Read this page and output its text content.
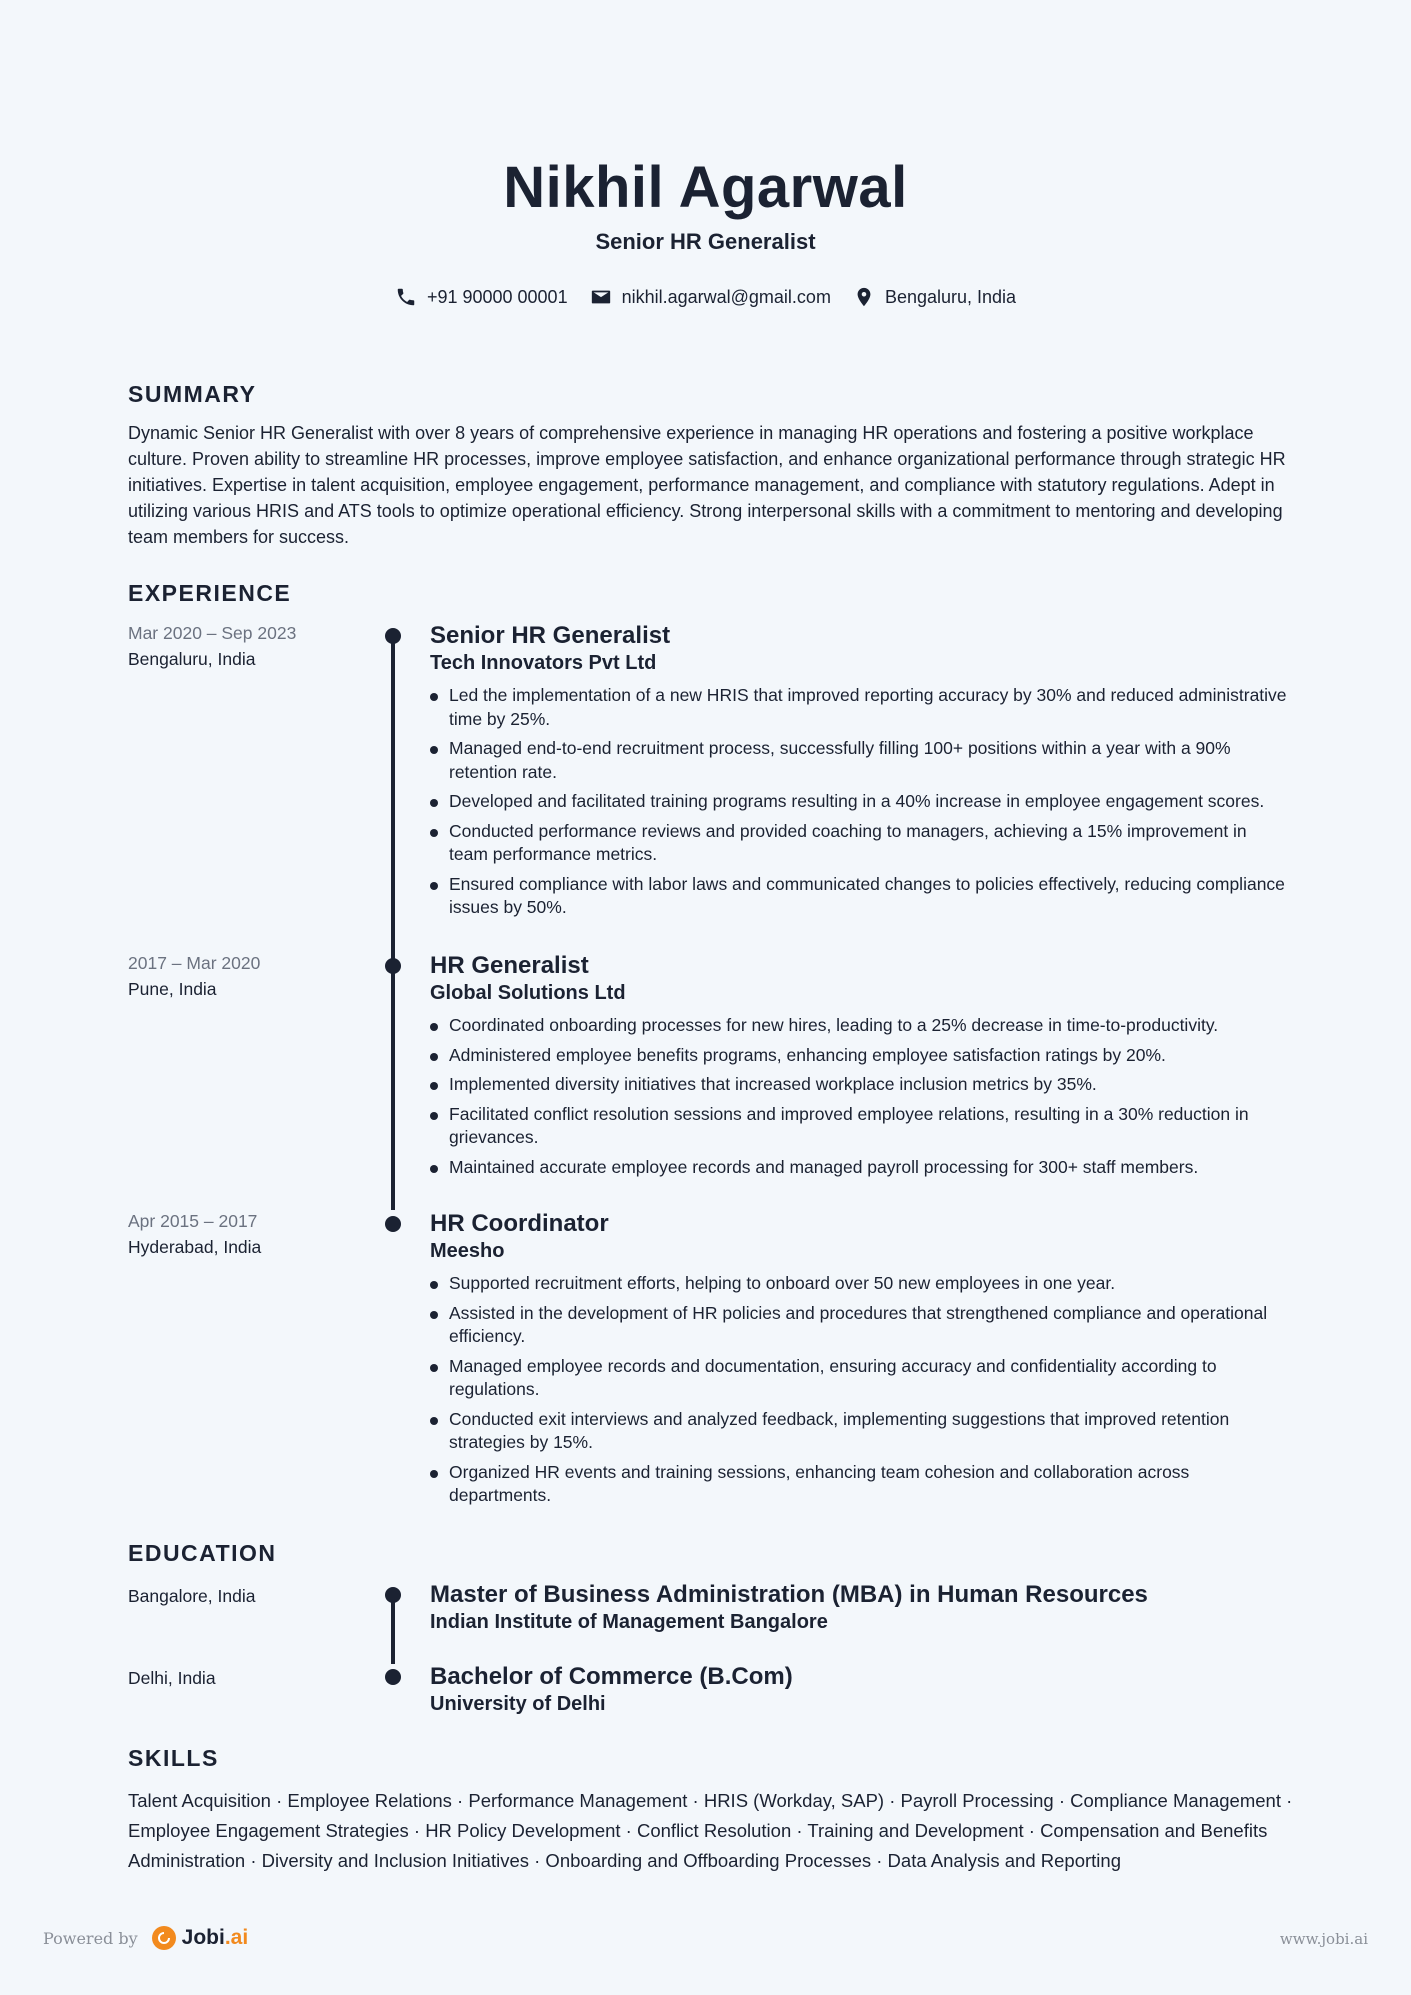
Nikhil Agarwal
Senior HR Generalist
+91 90000 00001	nikhil.agarwal@gmail.com	Bengaluru, India
SUMMARY
Dynamic Senior HR Generalist with over 8 years of comprehensive experience in managing HR operations and fostering a positive workplace culture. Proven ability to streamline HR processes, improve employee satisfaction, and enhance organizational performance through strategic HR initiatives. Expertise in talent acquisition, employee engagement, performance management, and compliance with statutory regulations. Adept in utilizing various HRIS and ATS tools to optimize operational efficiency. Strong interpersonal skills with a commitment to mentoring and developing team members for success.
EXPERIENCE
Mar 2020 – Sep 2023
Bengaluru, India
Senior HR Generalist
Tech Innovators Pvt Ltd
Led the implementation of a new HRIS that improved reporting accuracy by 30% and reduced administrative time by 25%.
Managed end-to-end recruitment process, successfully filling 100+ positions within a year with a 90% retention rate.
Developed and facilitated training programs resulting in a 40% increase in employee engagement scores.
Conducted performance reviews and provided coaching to managers, achieving a 15% improvement in team performance metrics.
Ensured compliance with labor laws and communicated changes to policies effectively, reducing compliance issues by 50%.
2017 – Mar 2020
Pune, India
HR Generalist
Global Solutions Ltd
Coordinated onboarding processes for new hires, leading to a 25% decrease in time-to-productivity.
Administered employee benefits programs, enhancing employee satisfaction ratings by 20%.
Implemented diversity initiatives that increased workplace inclusion metrics by 35%.
Facilitated conflict resolution sessions and improved employee relations, resulting in a 30% reduction in grievances.
Maintained accurate employee records and managed payroll processing for 300+ staff members.
Apr 2015 – 2017
Hyderabad, India
HR Coordinator
Meesho
Supported recruitment efforts, helping to onboard over 50 new employees in one year.
Assisted in the development of HR policies and procedures that strengthened compliance and operational efficiency.
Managed employee records and documentation, ensuring accuracy and confidentiality according to regulations.
Conducted exit interviews and analyzed feedback, implementing suggestions that improved retention strategies by 15%.
Organized HR events and training sessions, enhancing team cohesion and collaboration across departments.
EDUCATION
Bangalore, India	Master of Business Administration (MBA) in Human Resources
Indian Institute of Management Bangalore
Delhi, India	Bachelor of Commerce (B.Com)
University of Delhi
SKILLS
Talent Acquisition · Employee Relations · Performance Management · HRIS (Workday, SAP) · Payroll Processing · Compliance Management · Employee Engagement Strategies · HR Policy Development · Conflict Resolution · Training and Development · Compensation and Benefits Administration · Diversity and Inclusion Initiatives · Onboarding and Offboarding Processes · Data Analysis and Reporting
Powered by Jobi.ai	www.jobi.ai
